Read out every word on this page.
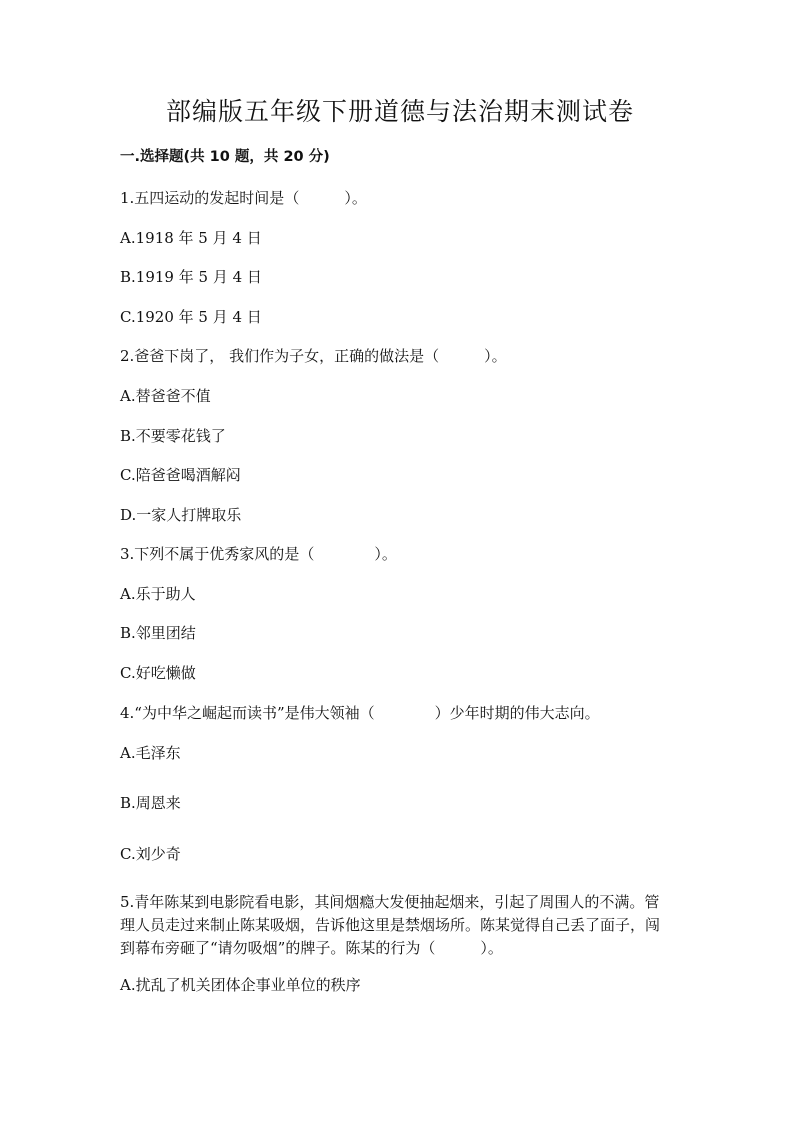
部编版五年级下册道德与法治期末测试卷
一.选择题(共 10 题，共 20 分)
1.五四运动的发起时间是（　　　）。
A.1918 年 5 月 4 日
B.1919 年 5 月 4 日
C.1920 年 5 月 4 日
2.爸爸下岗了， 我们作为子女，正确的做法是（　　　）。
A.替爸爸不值
B.不要零花钱了
C.陪爸爸喝酒解闷
D.一家人打牌取乐
3.下列不属于优秀家风的是（　　　　）。
A.乐于助人
B.邻里团结
C.好吃懒做
4.“为中华之崛起而读书”是伟大领袖（　　　　）少年时期的伟大志向。
A.毛泽东
B.周恩来
C.刘少奇
5.青年陈某到电影院看电影，其间烟瘾大发便抽起烟来，引起了周围人的不满。管理人员走过来制止陈某吸烟，告诉他这里是禁烟场所。陈某觉得自己丢了面子，闯到幕布旁砸了“请勿吸烟”的牌子。陈某的行为（　　　）。
A.扰乱了机关团体企事业单位的秩序
